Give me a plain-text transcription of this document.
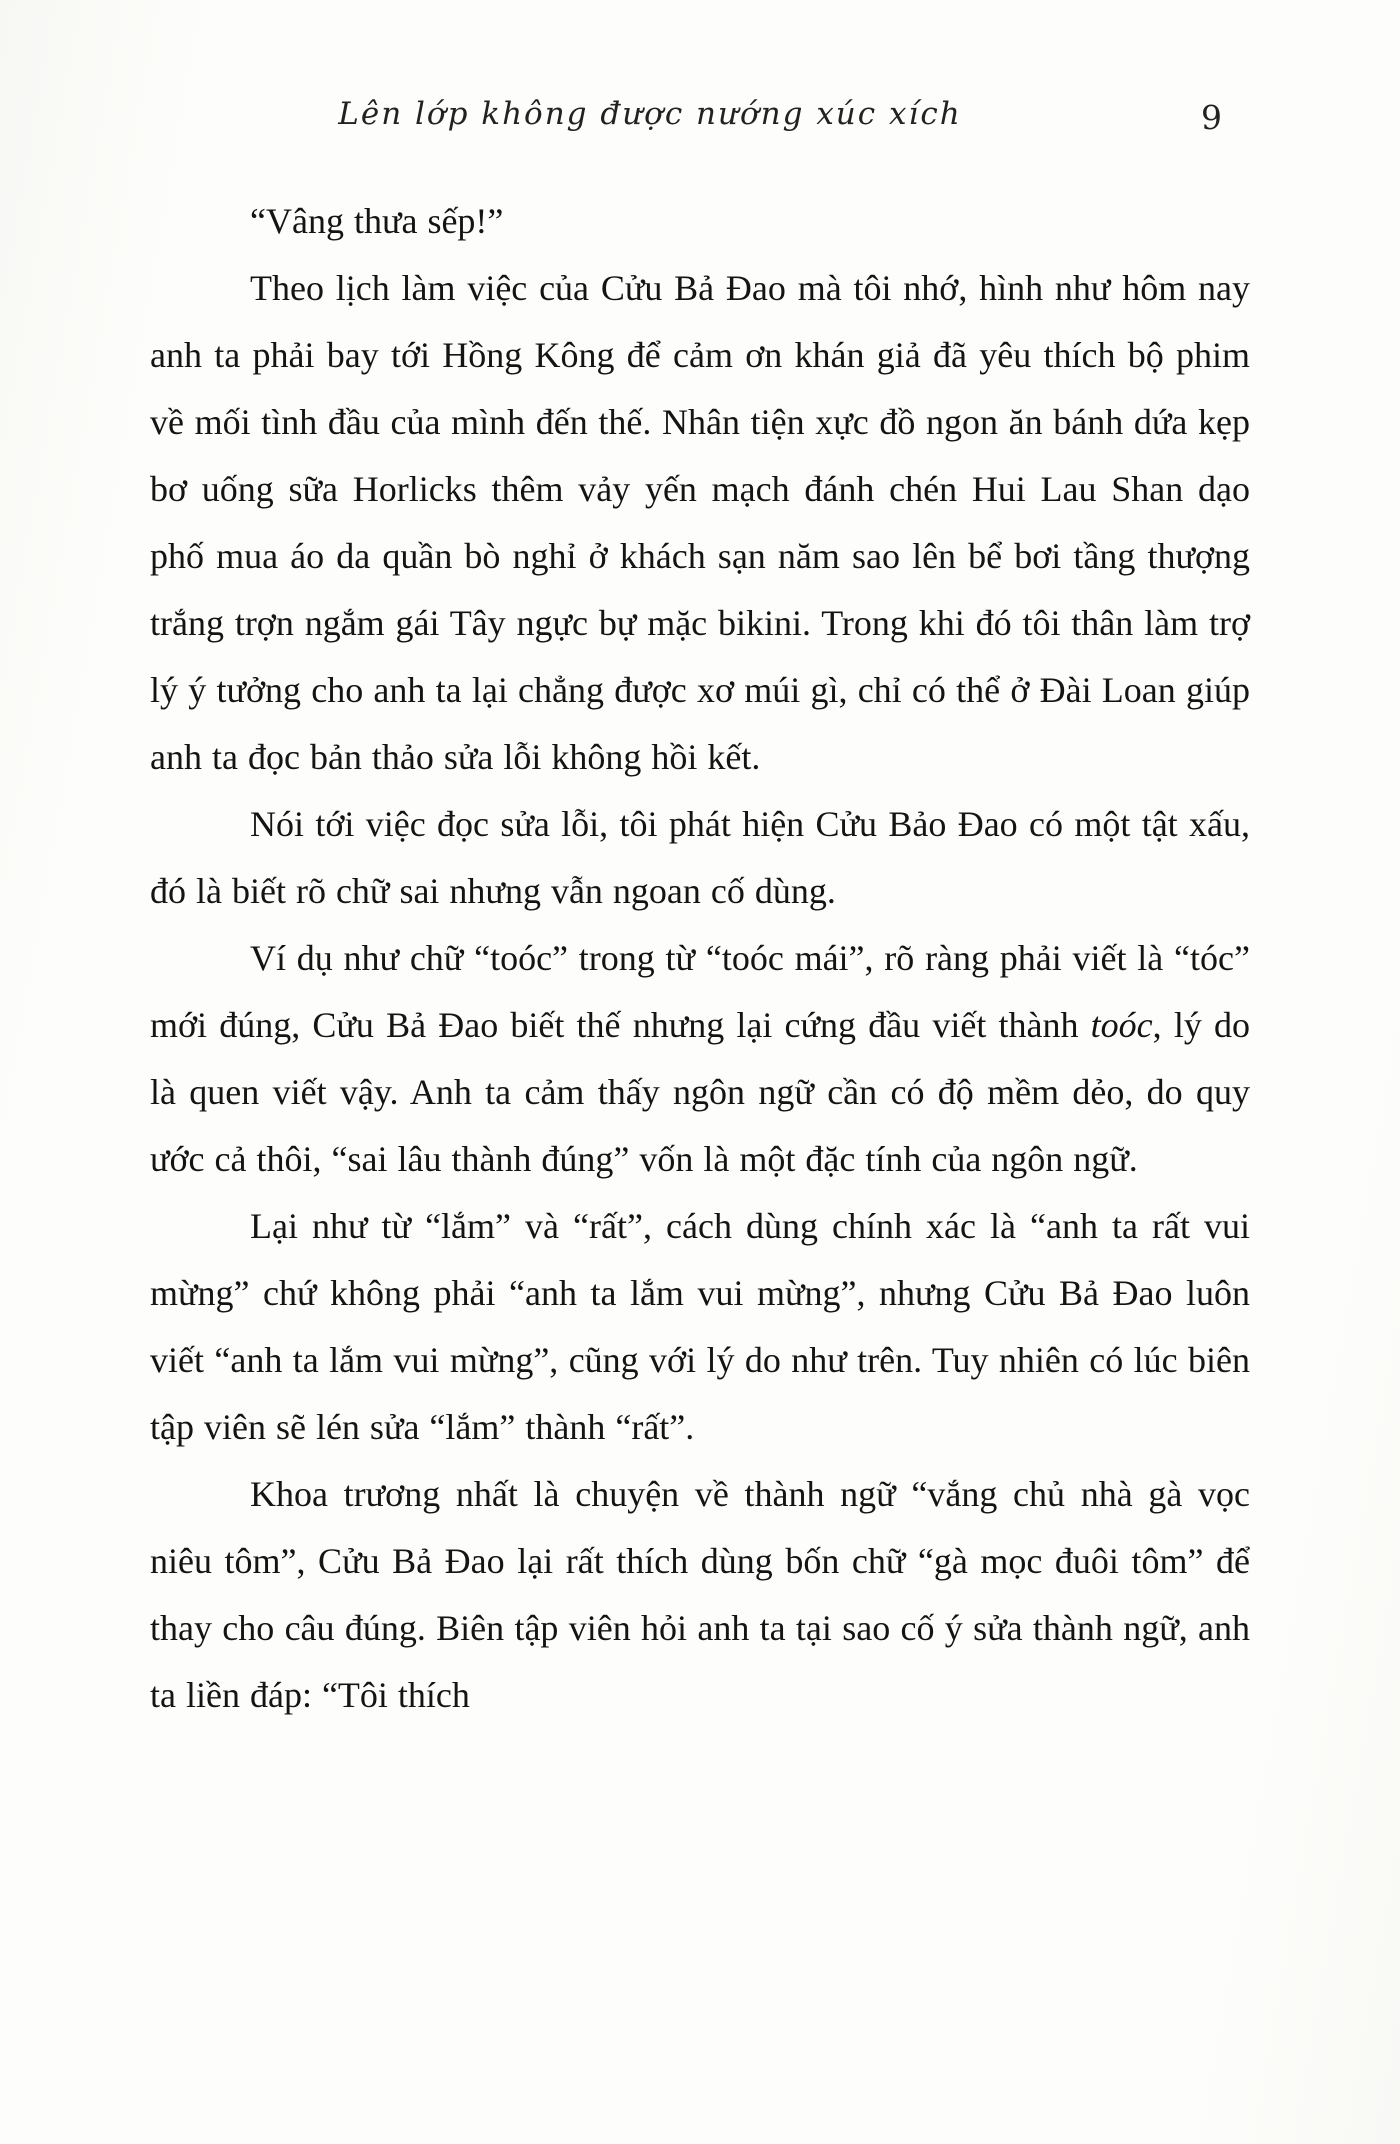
Lên lớp không được nướng xúc xích	9

“Vâng thưa sếp!”

Theo lịch làm việc của Cửu Bả Đao mà tôi nhớ, hình như hôm nay anh ta phải bay tới Hồng Kông để cảm ơn khán giả đã yêu thích bộ phim về mối tình đầu của mình đến thế. Nhân tiện xực đồ ngon ăn bánh dứa kẹp bơ uống sữa Horlicks thêm vảy yến mạch đánh chén Hui Lau Shan dạo phố mua áo da quần bò nghỉ ở khách sạn năm sao lên bể bơi tầng thượng trắng trợn ngắm gái Tây ngực bự mặc bikini. Trong khi đó tôi thân làm trợ lý ý tưởng cho anh ta lại chẳng được xơ múi gì, chỉ có thể ở Đài Loan giúp anh ta đọc bản thảo sửa lỗi không hồi kết.

Nói tới việc đọc sửa lỗi, tôi phát hiện Cửu Bảo Đao có một tật xấu, đó là biết rõ chữ sai nhưng vẫn ngoan cố dùng.

Ví dụ như chữ “toóc” trong từ “toóc mái”, rõ ràng phải viết là “tóc” mới đúng, Cửu Bả Đao biết thế nhưng lại cứng đầu viết thành toóc, lý do là quen viết vậy. Anh ta cảm thấy ngôn ngữ cần có độ mềm dẻo, do quy ước cả thôi, “sai lâu thành đúng” vốn là một đặc tính của ngôn ngữ.

Lại như từ “lắm” và “rất”, cách dùng chính xác là “anh ta rất vui mừng” chứ không phải “anh ta lắm vui mừng”, nhưng Cửu Bả Đao luôn viết “anh ta lắm vui mừng”, cũng với lý do như trên. Tuy nhiên có lúc biên tập viên sẽ lén sửa “lắm” thành “rất”.

Khoa trương nhất là chuyện về thành ngữ “vắng chủ nhà gà vọc niêu tôm”, Cửu Bả Đao lại rất thích dùng bốn chữ “gà mọc đuôi tôm” để thay cho câu đúng. Biên tập viên hỏi anh ta tại sao cố ý sửa thành ngữ, anh ta liền đáp: “Tôi thích
